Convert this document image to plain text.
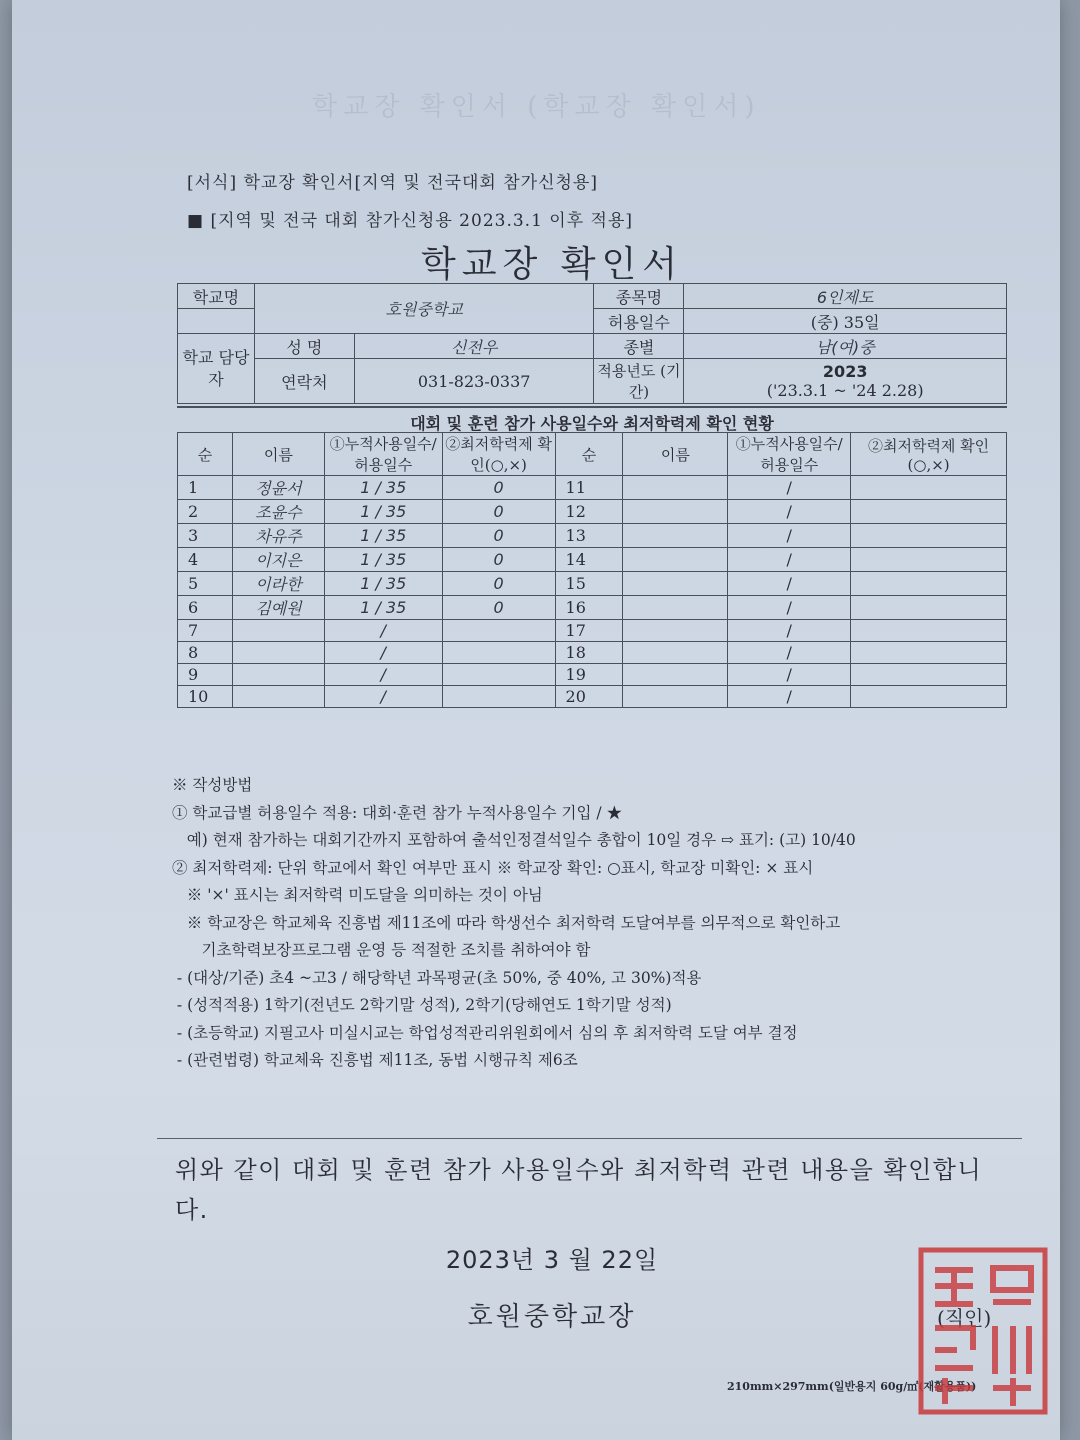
학교장 확인서 (학교장 확인서)
[서식] 학교장 확인서[지역 및 전국대회 참가신청용]
■ [지역 및 전국 대회 참가신청용 2023.3.1 이후 적용]
학교장 확인서
학교명	호원중학교		종목명	6인제도
			허용일수	(중) 35일
학교 담당자	성 명	신전우	종별	남(여)중
	연락처	031-823-0337	적용년도 (기간)	2023
('23.3.1 ~ '24 2.28)
대회 및 훈련 참가 사용일수와 최저학력제 확인 현황
순	이름	①누적사용일수/ 허용일수	②최저학력제 확인(○,×)	순	이름	①누적사용일수/ 허용일수	②최저학력제 확인(○,×)
1	정윤서	1 / 35	0	11		/	
2	조윤수	1 / 35	0	12		/	
3	차유주	1 / 35	0	13		/	
4	이지은	1 / 35	0	14		/	
5	이라한	1 / 35	0	15		/	
6	김예원	1 / 35	0	16		/	
7		/		17		/	
8		/		18		/	
9		/		19		/	
10		/		20		/	
※ 작성방법
① 학교급별 허용일수 적용: 대회·훈련 참가 누적사용일수 기입 / ★
예) 현재 참가하는 대회기간까지 포함하여 출석인정결석일수 총합이 10일 경우 ⇨ 표기: (고) 10/40
② 최저학력제: 단위 학교에서 확인 여부만 표시 ※ 학교장 확인: ○표시, 학교장 미확인: × 표시
※ '×' 표시는 최저학력 미도달을 의미하는 것이 아님
※ 학교장은 학교체육 진흥법 제11조에 따라 학생선수 최저학력 도달여부를 의무적으로 확인하고
기초학력보장프로그램 운영 등 적절한 조치를 취하여야 함
- (대상/기준) 초4 ~고3 / 해당학년 과목평균(초 50%, 중 40%, 고 30%)적용
- (성적적용) 1학기(전년도 2학기말 성적), 2학기(당해연도 1학기말 성적)
- (초등학교) 지필고사 미실시교는 학업성적관리위원회에서 심의 후 최저학력 도달 여부 결정
- (관련법령) 학교체육 진흥법 제11조, 동법 시행규칙 제6조
위와 같이 대회 및 훈련 참가 사용일수와 최저학력 관련 내용을 확인합니다.
2023년 3 월 22일
호원중학교장	(직인)
210mm×297mm(일반용지 60g/㎡(재활용품))
